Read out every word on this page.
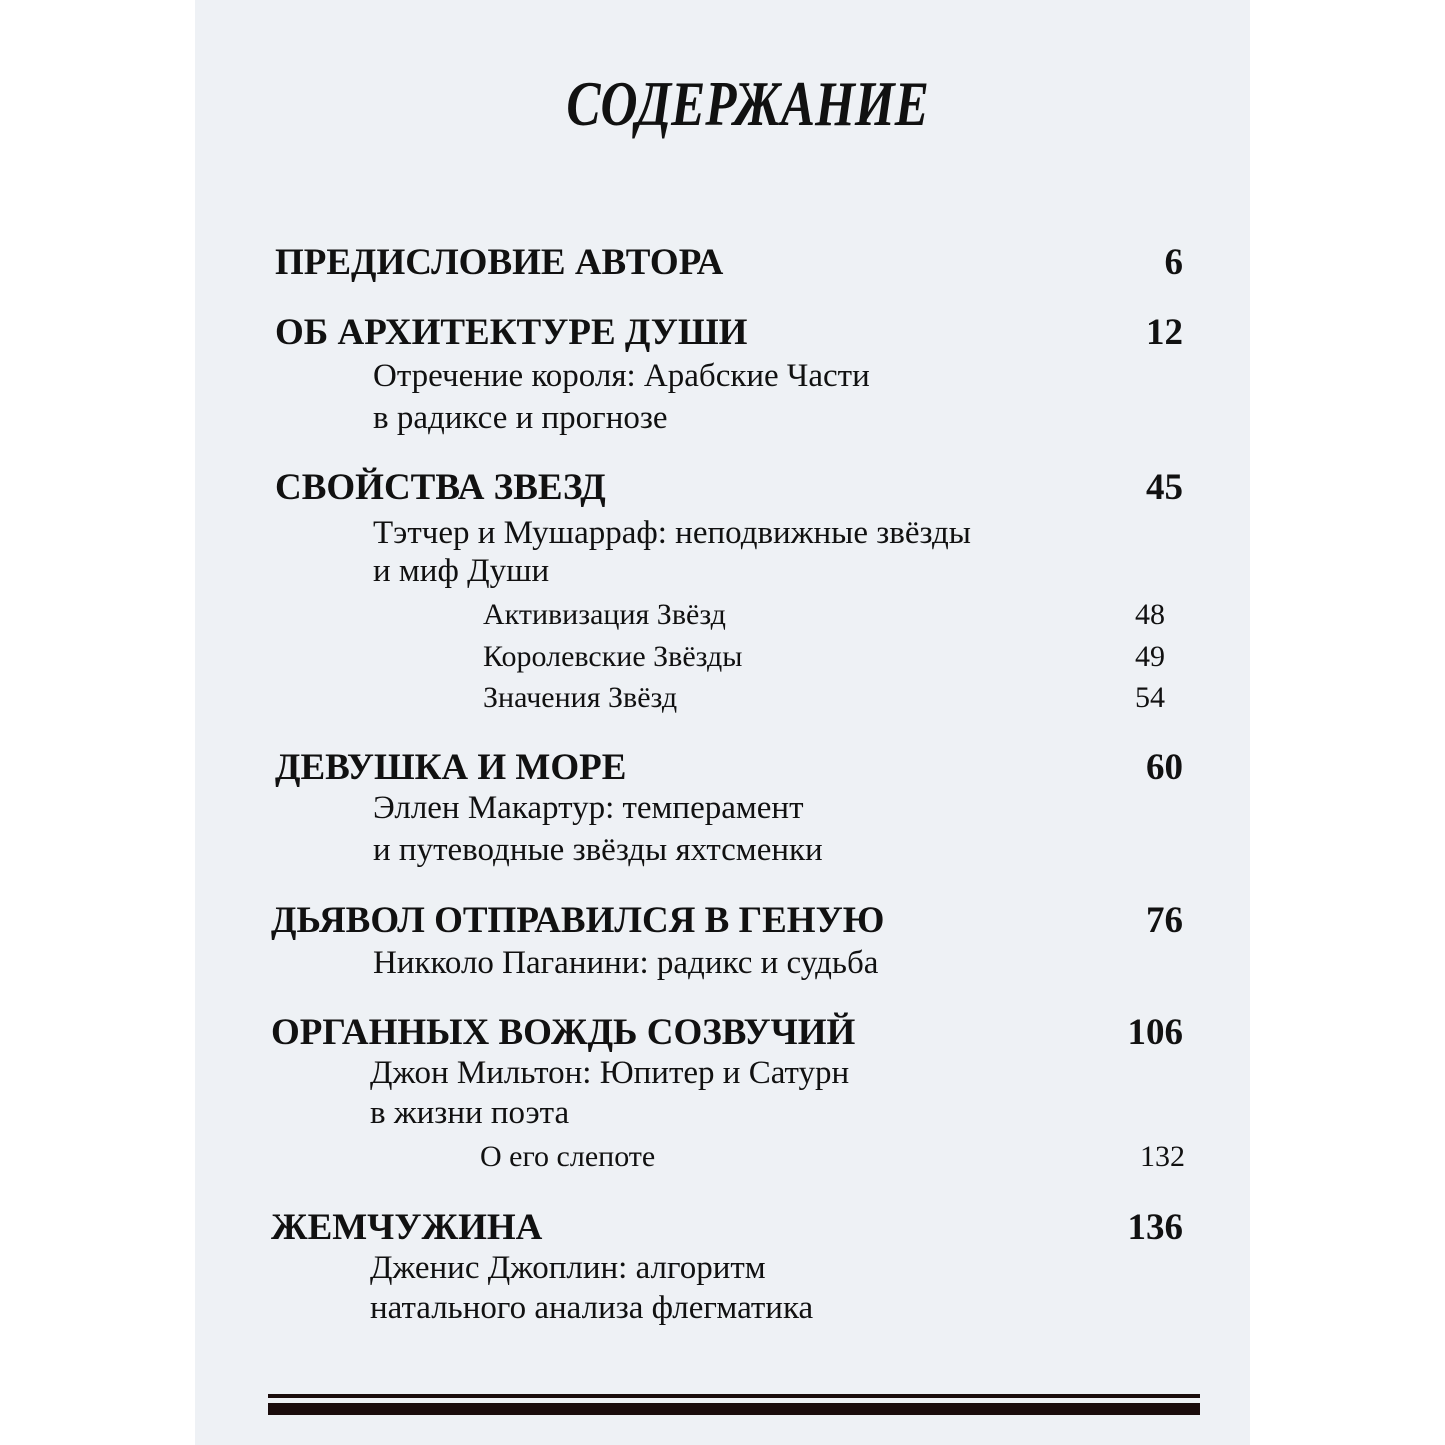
СОДЕРЖАНИЕ
ПРЕДИСЛОВИЕ АВТОРА	6
ОБ АРХИТЕКТУРЕ ДУШИ	12
Отречение короля: Арабские Части
в радиксе и прогнозе
СВОЙСТВА ЗВЕЗД	45
Тэтчер и Мушарраф: неподвижные звёзды
и миф Души
Активизация Звёзд	48
Королевские Звёзды	49
Значения Звёзд	54
ДЕВУШКА И МОРЕ	60
Эллен Макартур: темперамент
и путеводные звёзды яхтсменки
ДЬЯВОЛ ОТПРАВИЛСЯ В ГЕНУЮ	76
Никколо Паганини: радикс и судьба
ОРГАННЫХ ВОЖДЬ СОЗВУЧИЙ	106
Джон Мильтон: Юпитер и Сатурн
в жизни поэта
О его слепоте	132
ЖЕМЧУЖИНА	136
Дженис Джоплин: алгоритм
натального анализа флегматика
